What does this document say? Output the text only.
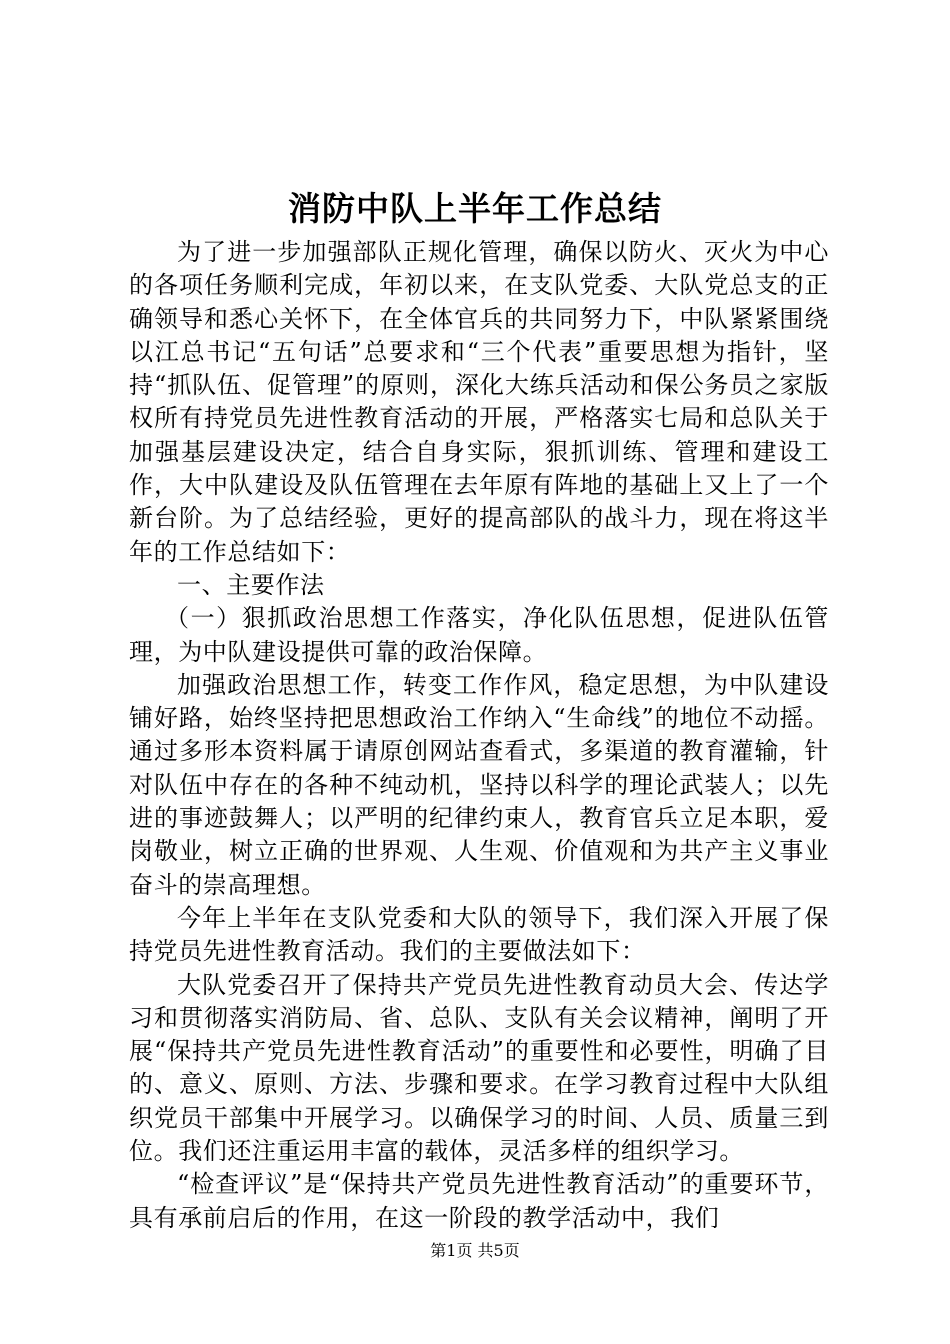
消防中队上半年工作总结

为了进一步加强部队正规化管理，确保以防火、灭火为中心的各项任务顺利完成，年初以来，在支队党委、大队党总支的正确领导和悉心关怀下，在全体官兵的共同努力下，中队紧紧围绕以江总书记“五句话”总要求和“三个代表”重要思想为指针，坚持“抓队伍、促管理”的原则，深化大练兵活动和保公务员之家版权所有持党员先进性教育活动的开展，严格落实七局和总队关于加强基层建设决定，结合自身实际，狠抓训练、管理和建设工作，大中队建设及队伍管理在去年原有阵地的基础上又上了一个新台阶。为了总结经验，更好的提高部队的战斗力，现在将这半年的工作总结如下：

一、主要作法

（一）狠抓政治思想工作落实，净化队伍思想，促进队伍管理，为中队建设提供可靠的政治保障。

加强政治思想工作，转变工作作风，稳定思想，为中队建设铺好路，始终坚持把思想政治工作纳入“生命线”的地位不动摇。通过多形本资料属于请原创网站查看式，多渠道的教育灌输，针对队伍中存在的各种不纯动机，坚持以科学的理论武装人；以先进的事迹鼓舞人；以严明的纪律约束人，教育官兵立足本职，爱岗敬业，树立正确的世界观、人生观、价值观和为共产主义事业奋斗的崇高理想。

今年上半年在支队党委和大队的领导下，我们深入开展了保持党员先进性教育活动。我们的主要做法如下：

大队党委召开了保持共产党员先进性教育动员大会、传达学习和贯彻落实消防局、省、总队、支队有关会议精神，阐明了开展“保持共产党员先进性教育活动”的重要性和必要性，明确了目的、意义、原则、方法、步骤和要求。在学习教育过程中大队组织党员干部集中开展学习。以确保学习的时间、人员、质量三到位。我们还注重运用丰富的载体，灵活多样的组织学习。

“检查评议”是“保持共产党员先进性教育活动”的重要环节，具有承前启后的作用，在这一阶段的教学活动中，我们

第1页 共5页
